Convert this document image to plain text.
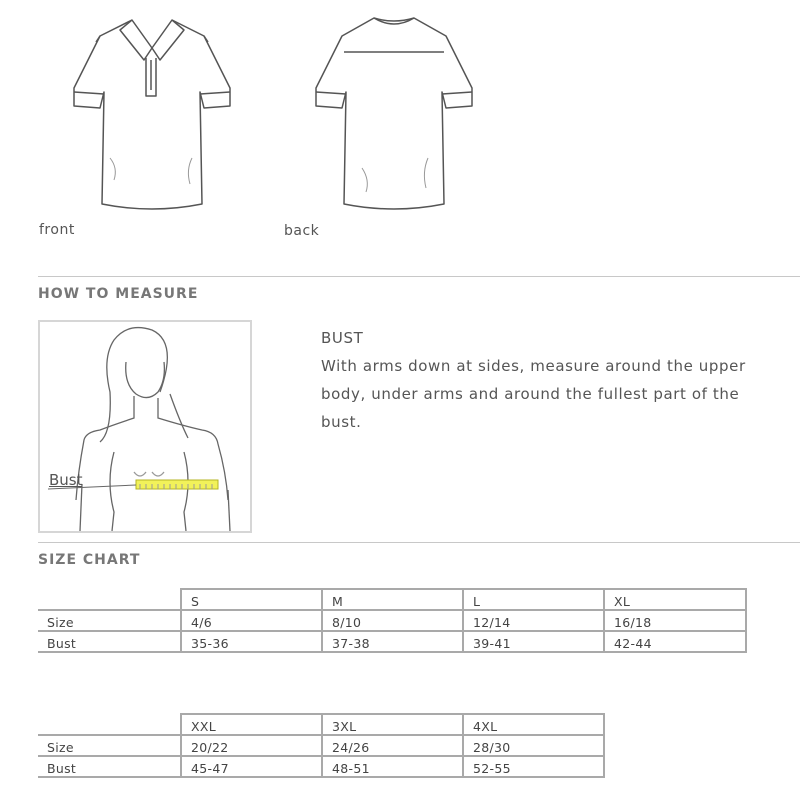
front	back
HOW TO MEASURE
Bust
BUST
With arms down at sides, measure around the upper body, under arms and around the fullest part of the bust.
SIZE CHART
	S	M	L	XL
Size	4/6	8/10	12/14	16/18
Bust	35-36	37-38	39-41	42-44
	XXL	3XL	4XL
Size	20/22	24/26	28/30
Bust	45-47	48-51	52-55
